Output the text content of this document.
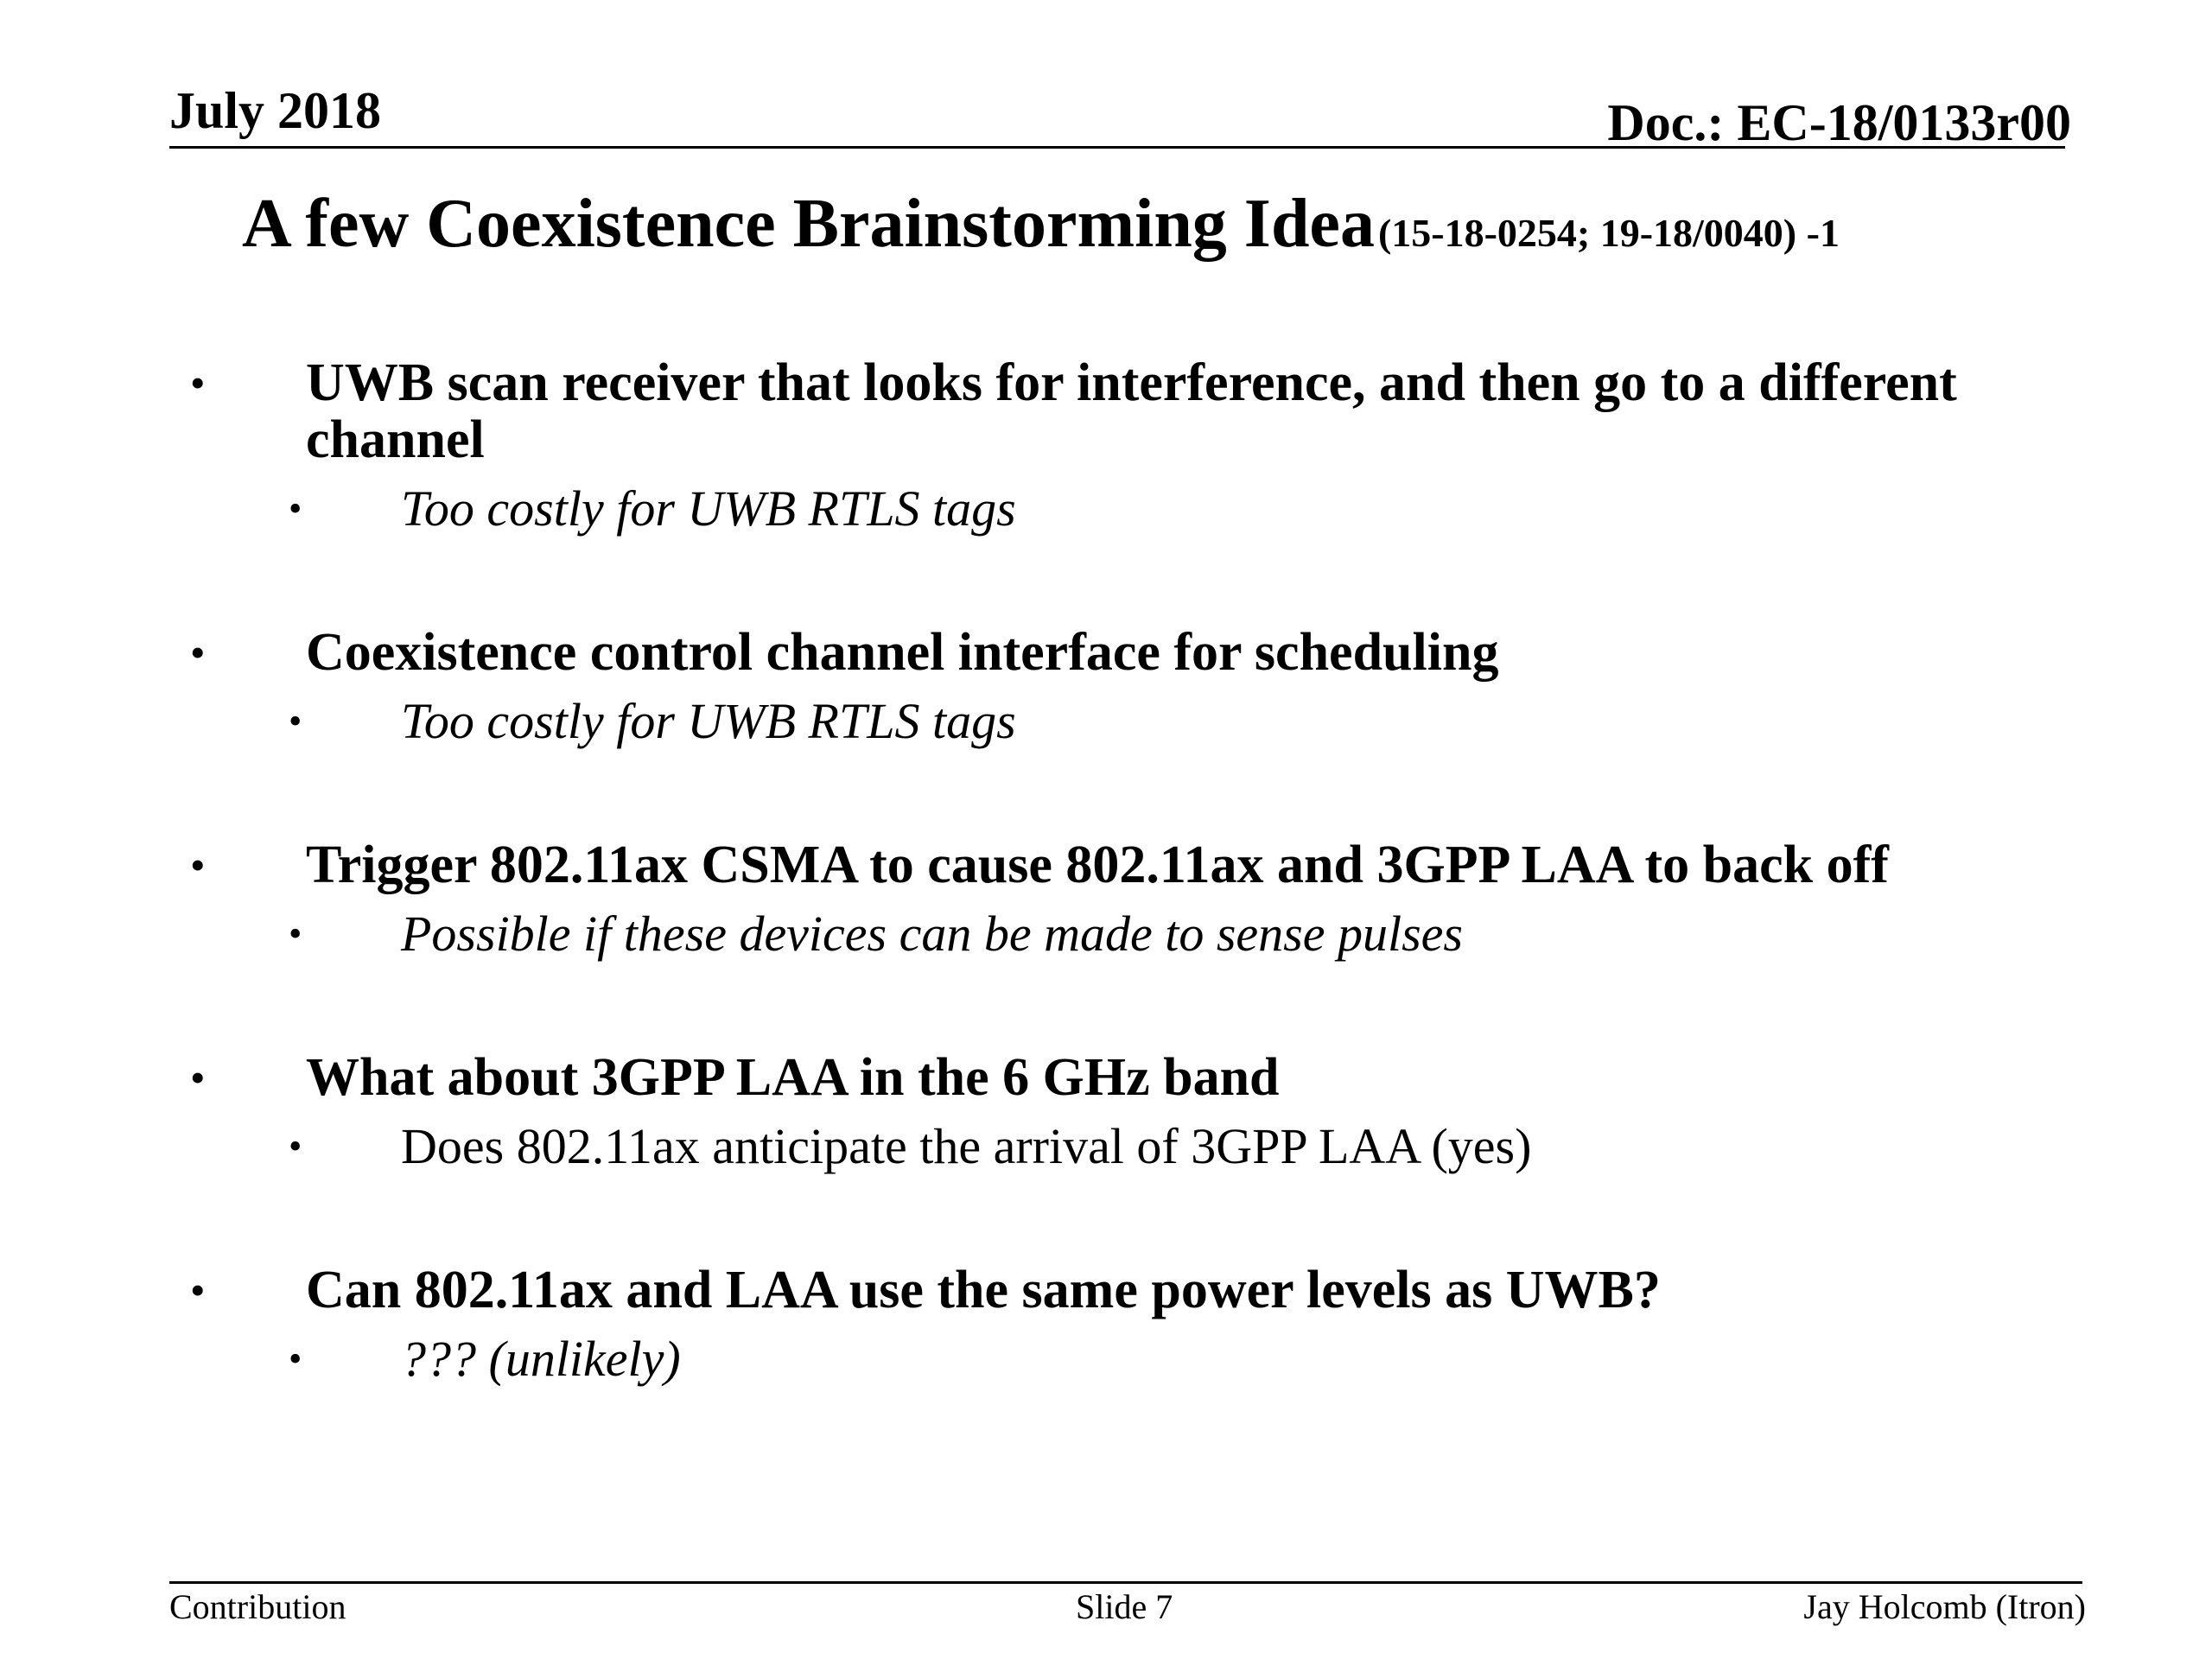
July 2018	Doc.: EC-18/0133r00
A few Coexistence Brainstorming Idea (15-18-0254; 19-18/0040) -1
•	UWB scan receiver that looks for interference, and then go to a different channel
•	Too costly for UWB RTLS tags
•	Coexistence control channel interface for scheduling
•	Too costly for UWB RTLS tags
•	Trigger 802.11ax CSMA to cause 802.11ax and 3GPP LAA to back off
•	Possible if these devices can be made to sense pulses
•	What about 3GPP LAA in the 6 GHz band
•	Does 802.11ax anticipate the arrival of 3GPP LAA (yes)
•	Can 802.11ax and LAA use the same power levels as UWB?
•	??? (unlikely)
Contribution	Slide 7	Jay Holcomb (Itron)
